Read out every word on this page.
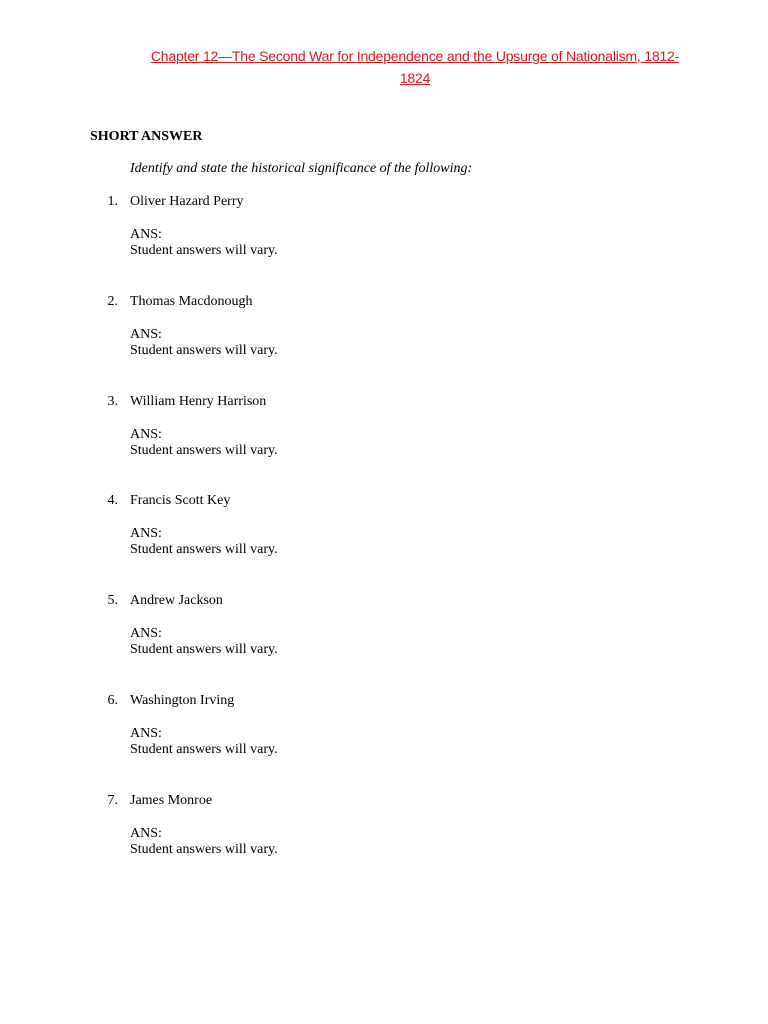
Chapter 12—The Second War for Independence and the Upsurge of Nationalism, 1812-1824
SHORT ANSWER
Identify and state the historical significance of the following:
1. Oliver Hazard Perry
ANS:
Student answers will vary.
2. Thomas Macdonough
ANS:
Student answers will vary.
3. William Henry Harrison
ANS:
Student answers will vary.
4. Francis Scott Key
ANS:
Student answers will vary.
5. Andrew Jackson
ANS:
Student answers will vary.
6. Washington Irving
ANS:
Student answers will vary.
7. James Monroe
ANS:
Student answers will vary.
